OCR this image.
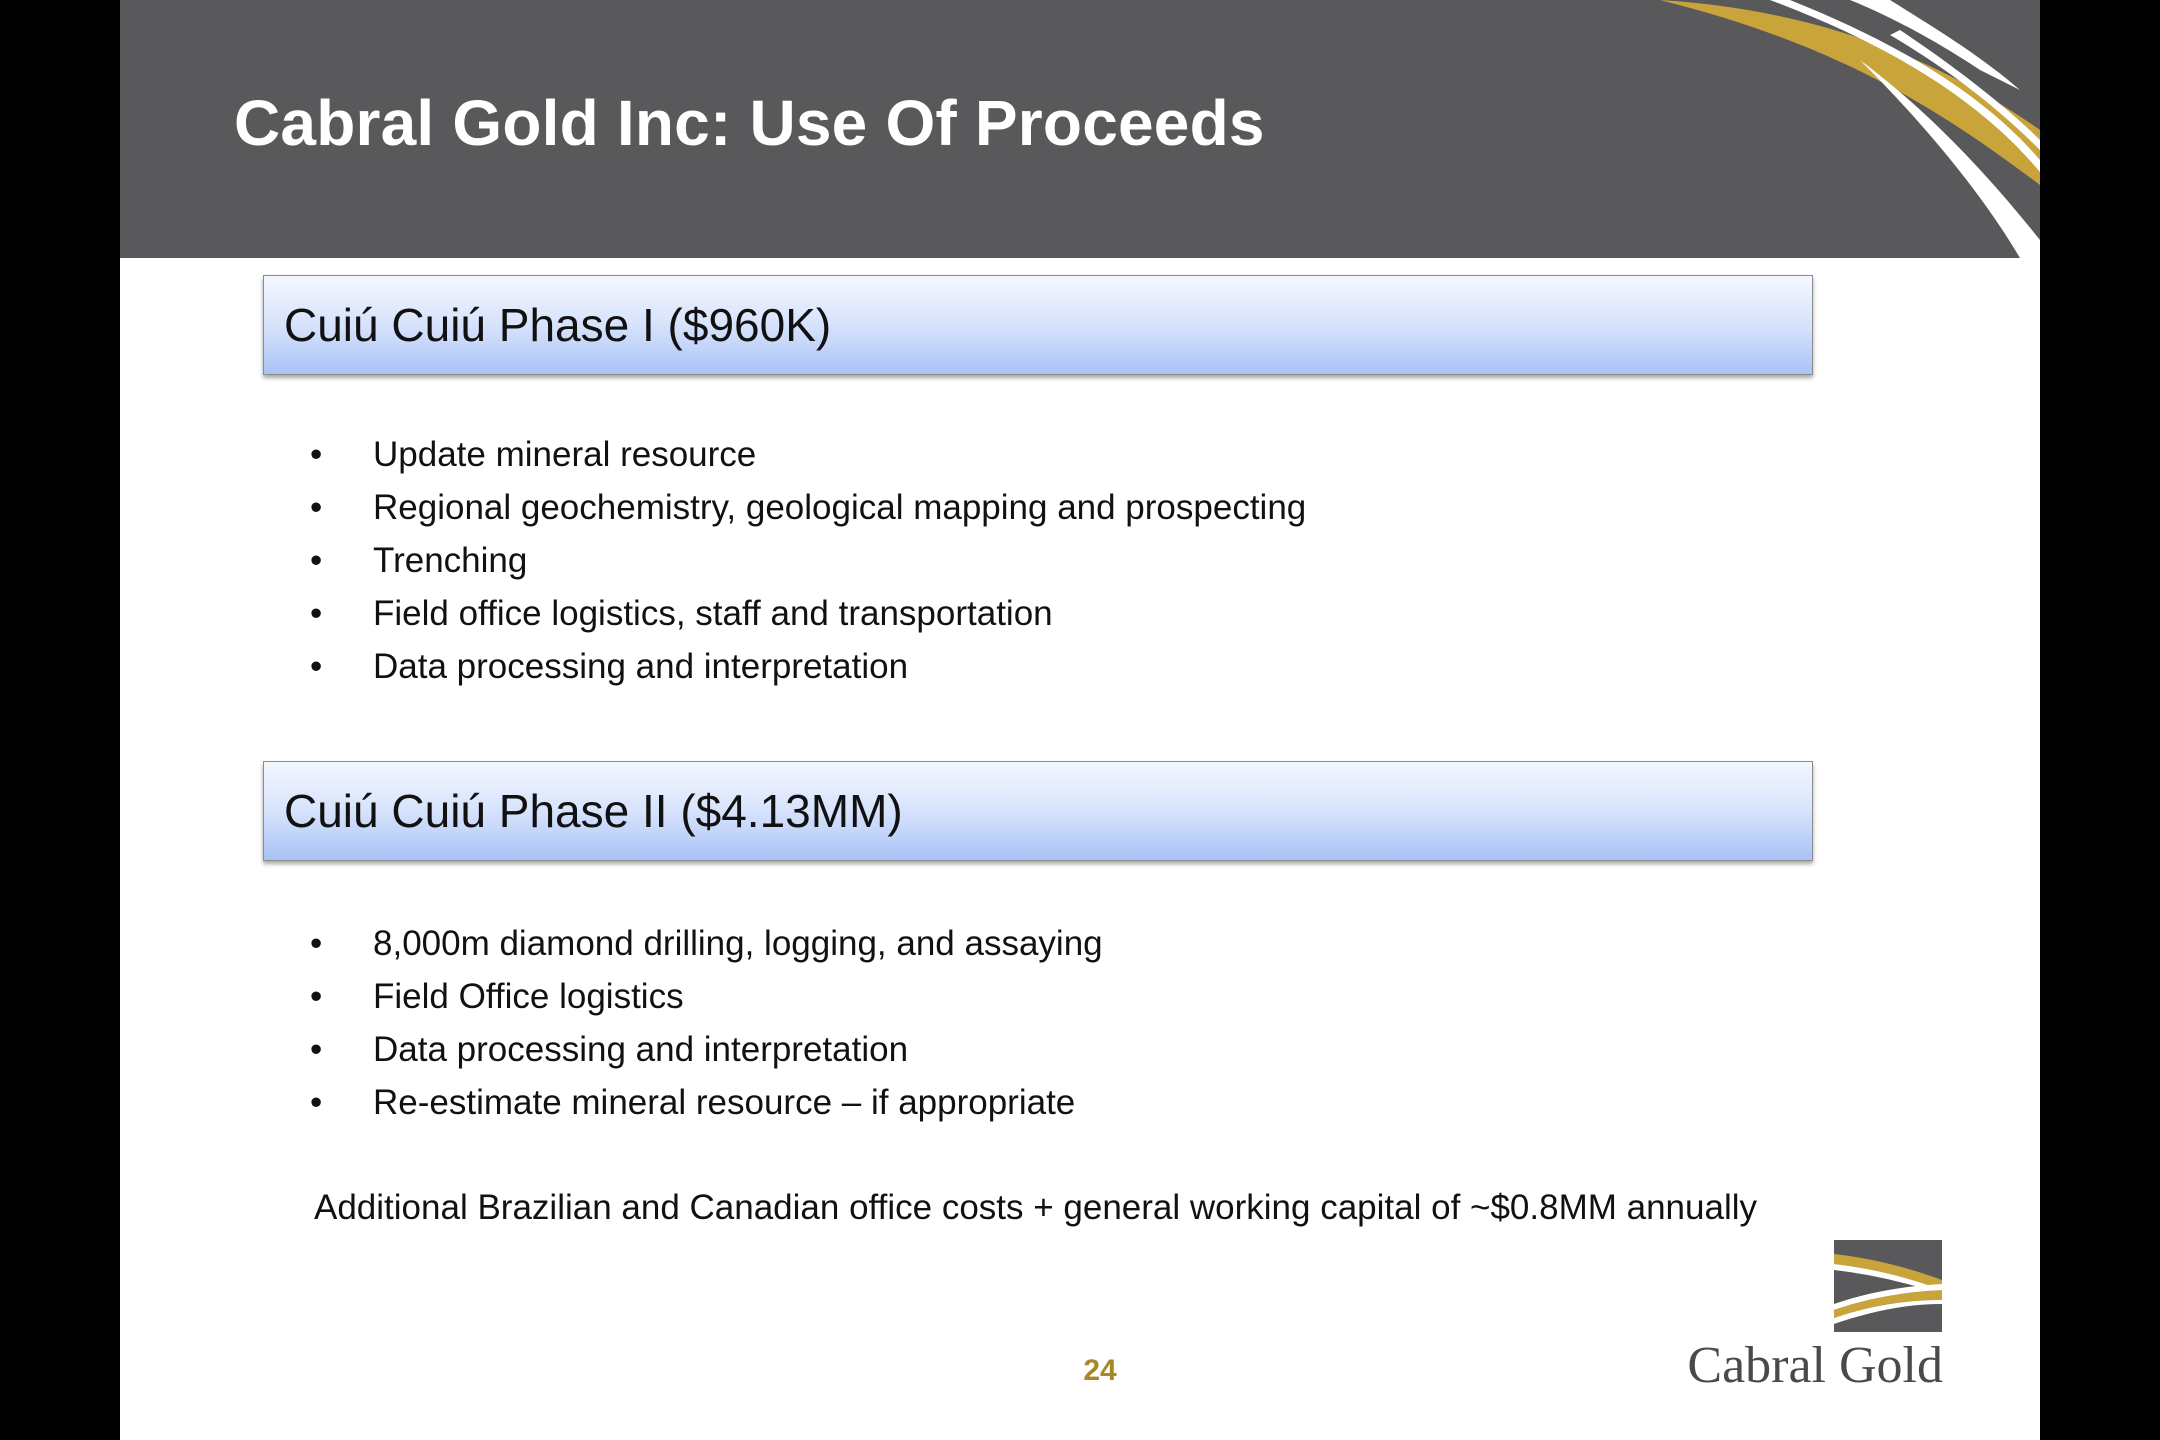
Cabral Gold Inc: Use Of Proceeds
Cuiú Cuiú Phase I ($960K)
• Update mineral resource
• Regional geochemistry, geological mapping and prospecting
• Trenching
• Field office logistics, staff and transportation
• Data processing and interpretation
Cuiú Cuiú Phase II ($4.13MM)
• 8,000m diamond drilling, logging, and assaying
• Field Office logistics
• Data processing and interpretation
• Re-estimate mineral resource – if appropriate

Additional Brazilian and Canadian office costs + general working capital of ~$0.8MM annually

24	Cabral Gold
